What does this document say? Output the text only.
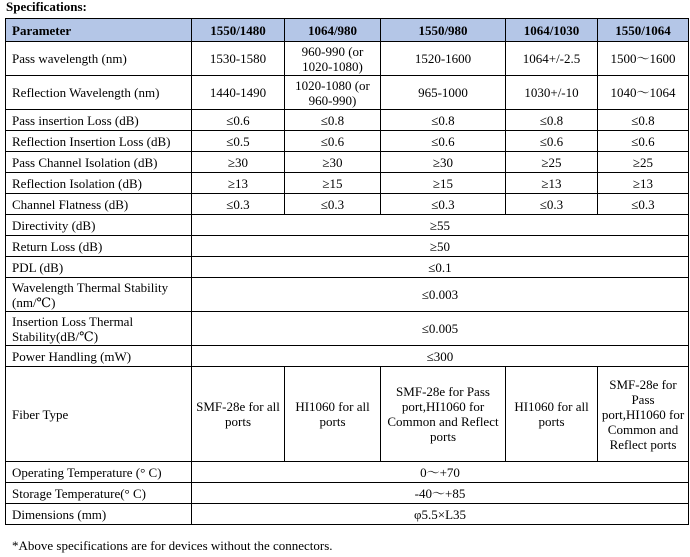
Specifications:
Parameter	1550/1480	1064/980	1550/980	1064/1030	1550/1064
Pass wavelength (nm)	1530-1580	960-990 (or 1020-1080)	1520-1600	1064+/-2.5	1500～1600
Reflection Wavelength (nm)	1440-1490	1020-1080 (or 960-990)	965-1000	1030+/-10	1040～1064
Pass insertion Loss (dB)	≤0.6	≤0.8	≤0.8	≤0.8	≤0.8
Reflection Insertion Loss (dB)	≤0.5	≤0.6	≤0.6	≤0.6	≤0.6
Pass Channel Isolation (dB)	≥30	≥30	≥30	≥25	≥25
Reflection Isolation (dB)	≥13	≥15	≥15	≥13	≥13
Channel Flatness (dB)	≤0.3	≤0.3	≤0.3	≤0.3	≤0.3
Directivity (dB)	≥55				
Return Loss (dB)	≥50				
PDL (dB)	≤0.1				
Wavelength Thermal Stability (nm/℃)	≤0.003				
Insertion Loss Thermal Stability(dB/℃)	≤0.005				
Power Handling (mW)	≤300				
Fiber Type	SMF-28e for all ports	HI1060 for all ports	SMF-28e for Pass port,HI1060 for Common and Reflect ports	HI1060 for all ports	SMF-28e for Pass port,HI1060 for Common and Reflect ports
Operating Temperature (° C)	0～+70				
Storage Temperature(° C)	-40～+85				
Dimensions (mm)	φ5.5×L35				
*Above specifications are for devices without the connectors.
